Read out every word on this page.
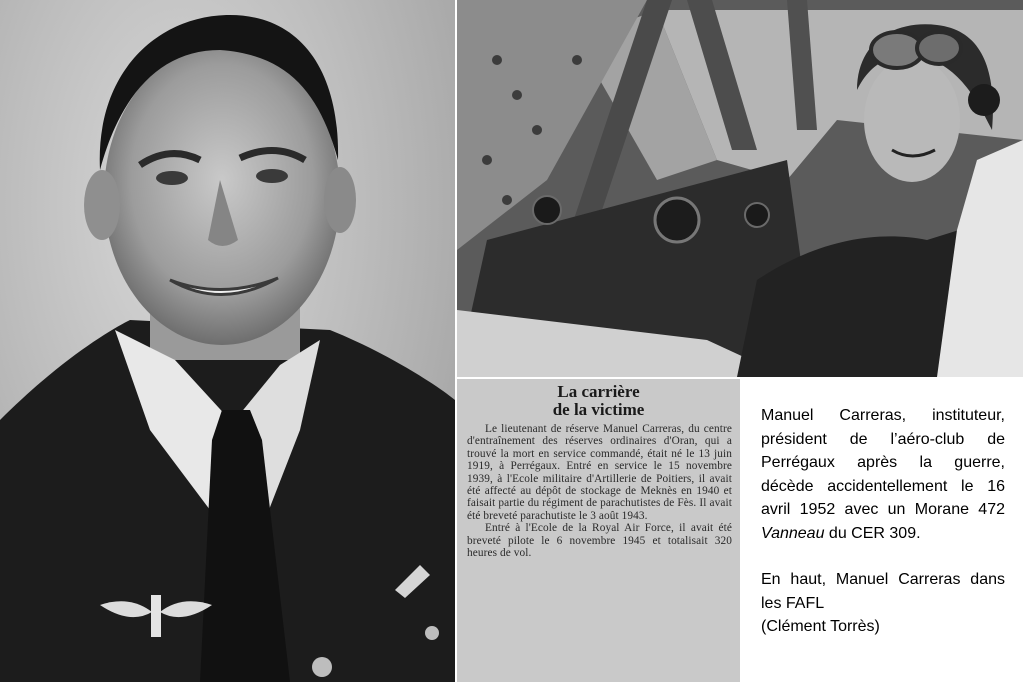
La carrière
de la victime

Le lieutenant de réserve Manuel Carreras, du centre d'entraînement des réserves ordinaires d'Oran, qui a trouvé la mort en service commandé, était né le 13 juin 1919, à Perrégaux. Entré en service le 15 novembre 1939, à l'Ecole militaire d'Artillerie de Poitiers, il avait été affecté au dépôt de stockage de Meknès en 1940 et faisait partie du régiment de parachutistes de Fès. Il avait été breveté parachutiste le 3 août 1943.

Entré à l'Ecole de la Royal Air Force, il avait été breveté pilote le 6 novembre 1945 et totalisait 320 heures de vol.

Manuel Carreras, instituteur, président de l’aéro-club de Perrégaux après la guerre, décède accidentellement le 16 avril 1952 avec un Morane 472 Vanneau du CER 309.

En haut, Manuel Carreras dans les FAFL
(Clément Torrès)
